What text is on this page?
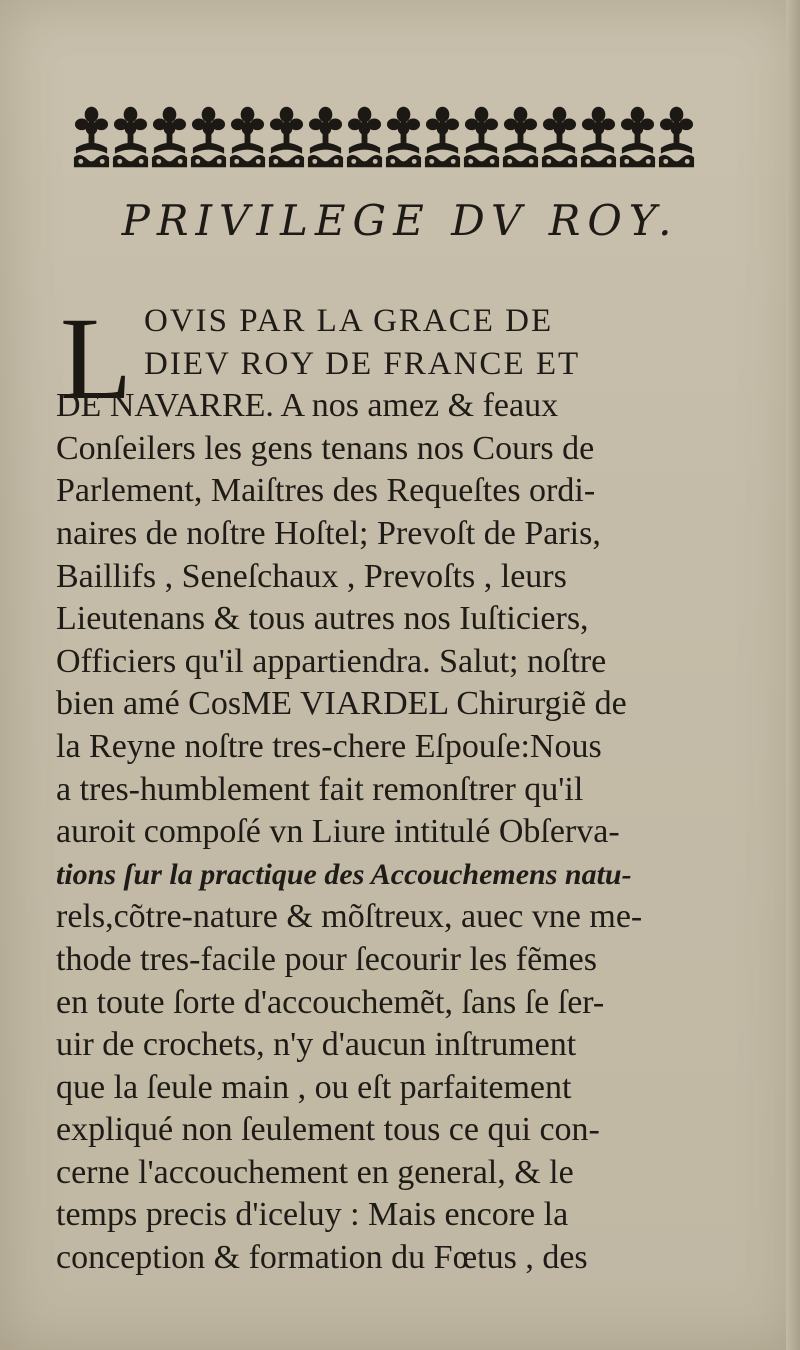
PRIVILEGE DV ROY.
L OVIS PAR LA GRACE DE
DIEV ROY DE FRANCE ET
DE NAVARRE. A nos amez & feaux
Conſeilers les gens tenans nos Cours de
Parlement, Maiſtres des Requeſtes ordi-
naires de noſtre Hoſtel; Prevoſt de Paris,
Baillifs , Seneſchaux , Prevoſts , leurs
Lieutenans & tous autres nos Iuſticiers,
Officiers qu'il appartiendra. Salut; noſtre
bien amé CosME VIARDEL Chirurgiẽ de
la Reyne noſtre tres-chere Eſpouſe:Nous
a tres-humblement fait remonſtrer qu'il
auroit compoſé vn Liure intitulé Obſerva-
tions ſur la practique des Accouchemens natu-
rels,cõtre-nature & mõſtreux, auec vne me-
thode tres-facile pour ſecourir les fẽmes
en toute ſorte d'accouchemẽt, ſans ſe ſer-
uir de crochets, n'y d'aucun inſtrument
que la ſeule main , ou eſt parfaitement
expliqué non ſeulement tous ce qui con-
cerne l'accouchement en general, & le
temps precis d'iceluy : Mais encore la
conception & formation du Fœtus , des
